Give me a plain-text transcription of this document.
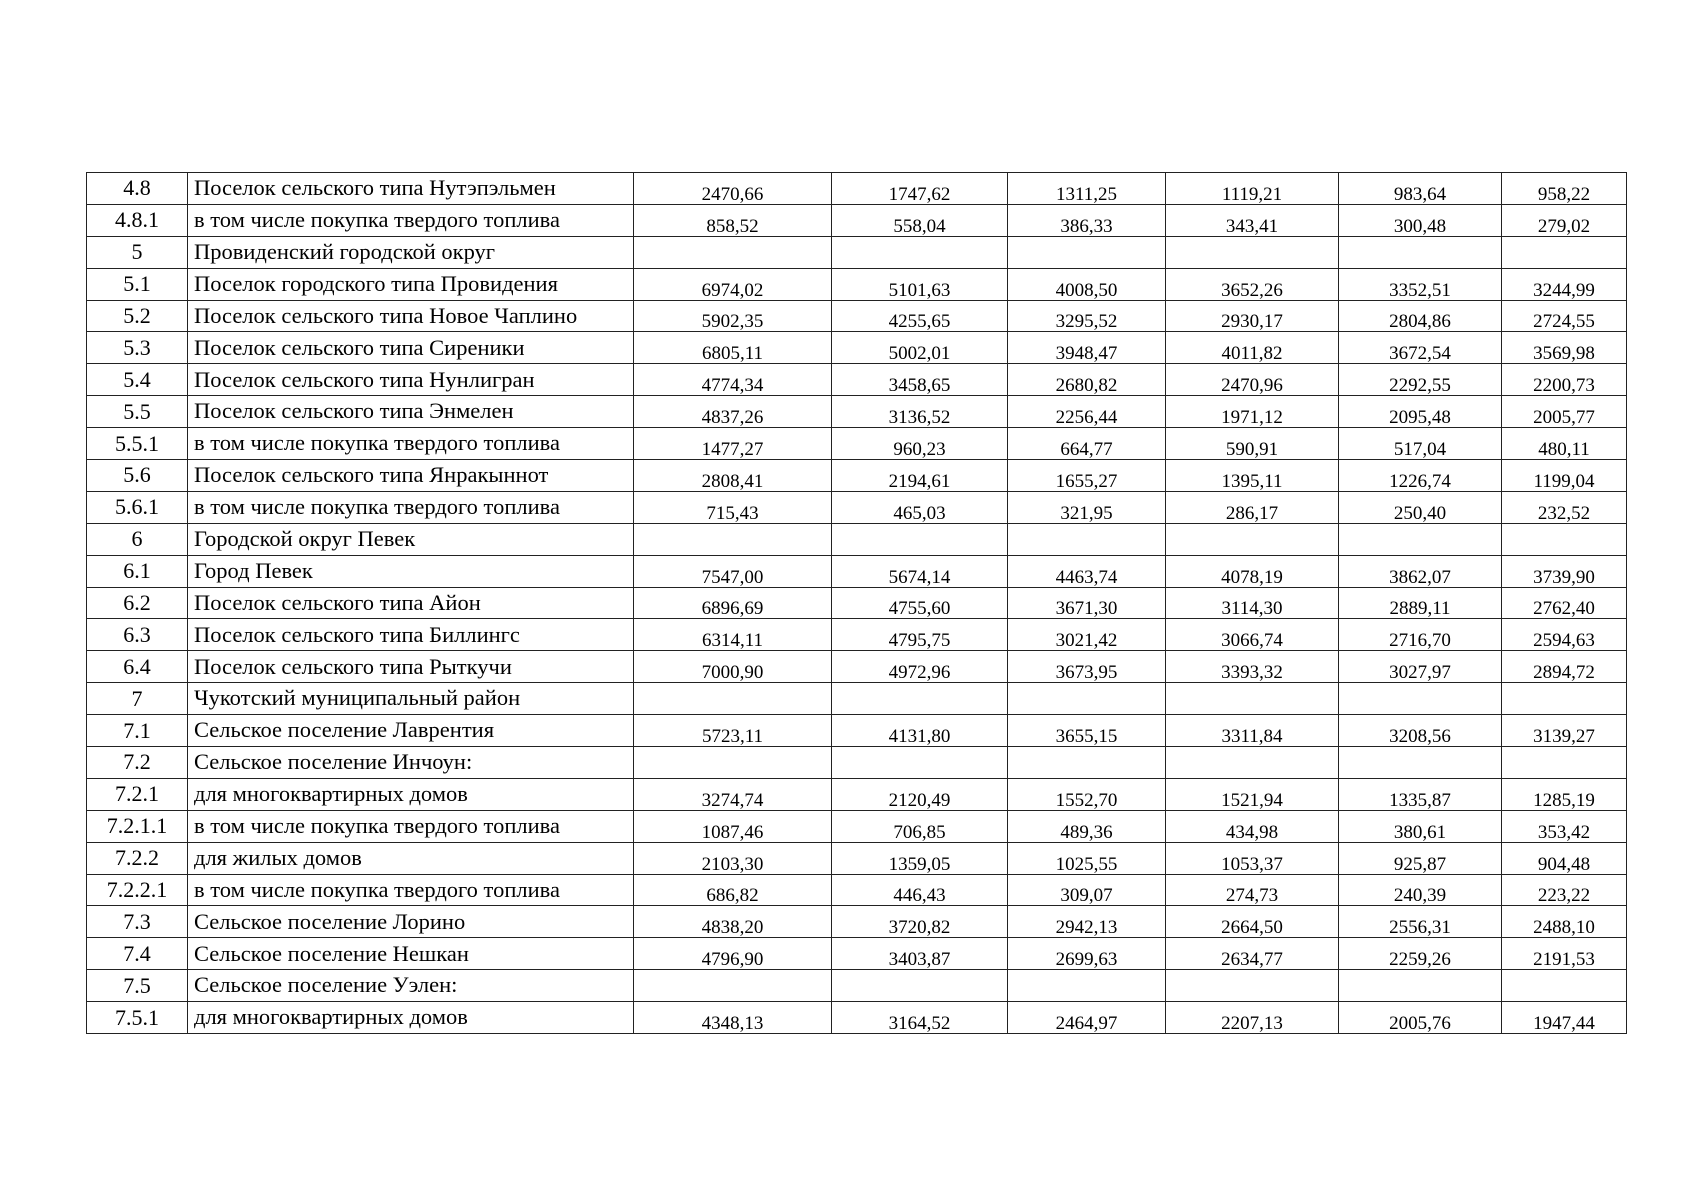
4.8	Поселок сельского типа Нутэпэльмен	2470,66	1747,62	1311,25	1119,21	983,64	958,22
4.8.1	в том числе покупка твердого топлива	858,52	558,04	386,33	343,41	300,48	279,02
5	Провиденский городской округ						
5.1	Поселок городского типа Провидения	6974,02	5101,63	4008,50	3652,26	3352,51	3244,99
5.2	Поселок сельского типа Новое Чаплино	5902,35	4255,65	3295,52	2930,17	2804,86	2724,55
5.3	Поселок сельского типа Сиреники	6805,11	5002,01	3948,47	4011,82	3672,54	3569,98
5.4	Поселок сельского типа Нунлигран	4774,34	3458,65	2680,82	2470,96	2292,55	2200,73
5.5	Поселок сельского типа Энмелен	4837,26	3136,52	2256,44	1971,12	2095,48	2005,77
5.5.1	в том числе покупка твердого топлива	1477,27	960,23	664,77	590,91	517,04	480,11
5.6	Поселок сельского типа Янракыннот	2808,41	2194,61	1655,27	1395,11	1226,74	1199,04
5.6.1	в том числе покупка твердого топлива	715,43	465,03	321,95	286,17	250,40	232,52
6	Городской округ Певек						
6.1	Город Певек	7547,00	5674,14	4463,74	4078,19	3862,07	3739,90
6.2	Поселок сельского типа Айон	6896,69	4755,60	3671,30	3114,30	2889,11	2762,40
6.3	Поселок сельского типа Биллингс	6314,11	4795,75	3021,42	3066,74	2716,70	2594,63
6.4	Поселок сельского типа Рыткучи	7000,90	4972,96	3673,95	3393,32	3027,97	2894,72
7	Чукотский муниципальный район						
7.1	Сельское поселение Лаврентия	5723,11	4131,80	3655,15	3311,84	3208,56	3139,27
7.2	Сельское поселение Инчоун:						
7.2.1	для многоквартирных домов	3274,74	2120,49	1552,70	1521,94	1335,87	1285,19
7.2.1.1	в том числе покупка твердого топлива	1087,46	706,85	489,36	434,98	380,61	353,42
7.2.2	для жилых домов	2103,30	1359,05	1025,55	1053,37	925,87	904,48
7.2.2.1	в том числе покупка твердого топлива	686,82	446,43	309,07	274,73	240,39	223,22
7.3	Сельское поселение Лорино	4838,20	3720,82	2942,13	2664,50	2556,31	2488,10
7.4	Сельское поселение Нешкан	4796,90	3403,87	2699,63	2634,77	2259,26	2191,53
7.5	Сельское поселение Уэлен:						
7.5.1	для многоквартирных домов	4348,13	3164,52	2464,97	2207,13	2005,76	1947,44
